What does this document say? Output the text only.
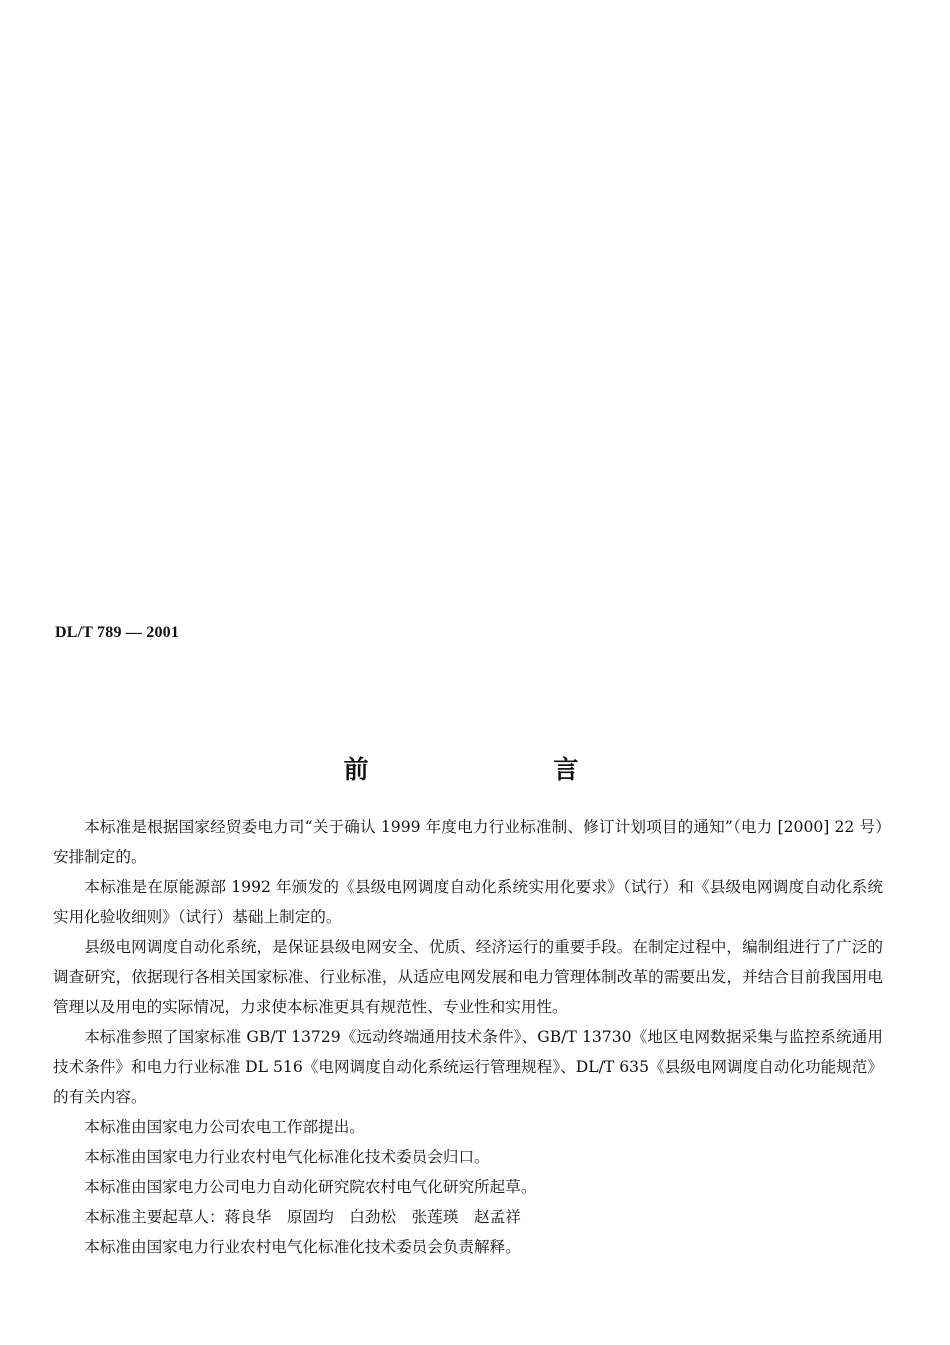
DL/T 789 — 2001
前 言

本标准是根据国家经贸委电力司“关于确认 1999 年度电力行业标准制、修订计划项目的通知”（电力 [2000] 22 号）安排制定的。

本标准是在原能源部 1992 年颁发的《县级电网调度自动化系统实用化要求》（试行）和《县级电网调度自动化系统实用化验收细则》（试行）基础上制定的。

县级电网调度自动化系统，是保证县级电网安全、优质、经济运行的重要手段。在制定过程中，编制组进行了广泛的调查研究，依据现行各相关国家标准、行业标准，从适应电网发展和电力管理体制改革的需要出发，并结合目前我国用电管理以及用电的实际情况，力求使本标准更具有规范性、专业性和实用性。

本标准参照了国家标准 GB/T 13729《远动终端通用技术条件》、GB/T 13730《地区电网数据采集与监控系统通用技术条件》和电力行业标准 DL 516《电网调度自动化系统运行管理规程》、DL/T 635《县级电网调度自动化功能规范》的有关内容。

本标准由国家电力公司农电工作部提出。

本标准由国家电力行业农村电气化标准化技术委员会归口。

本标准由国家电力公司电力自动化研究院农村电气化研究所起草。

本标准主要起草人：蒋良华　原固均　白劲松　张莲瑛　赵孟祥

本标准由国家电力行业农村电气化标准化技术委员会负责解释。
